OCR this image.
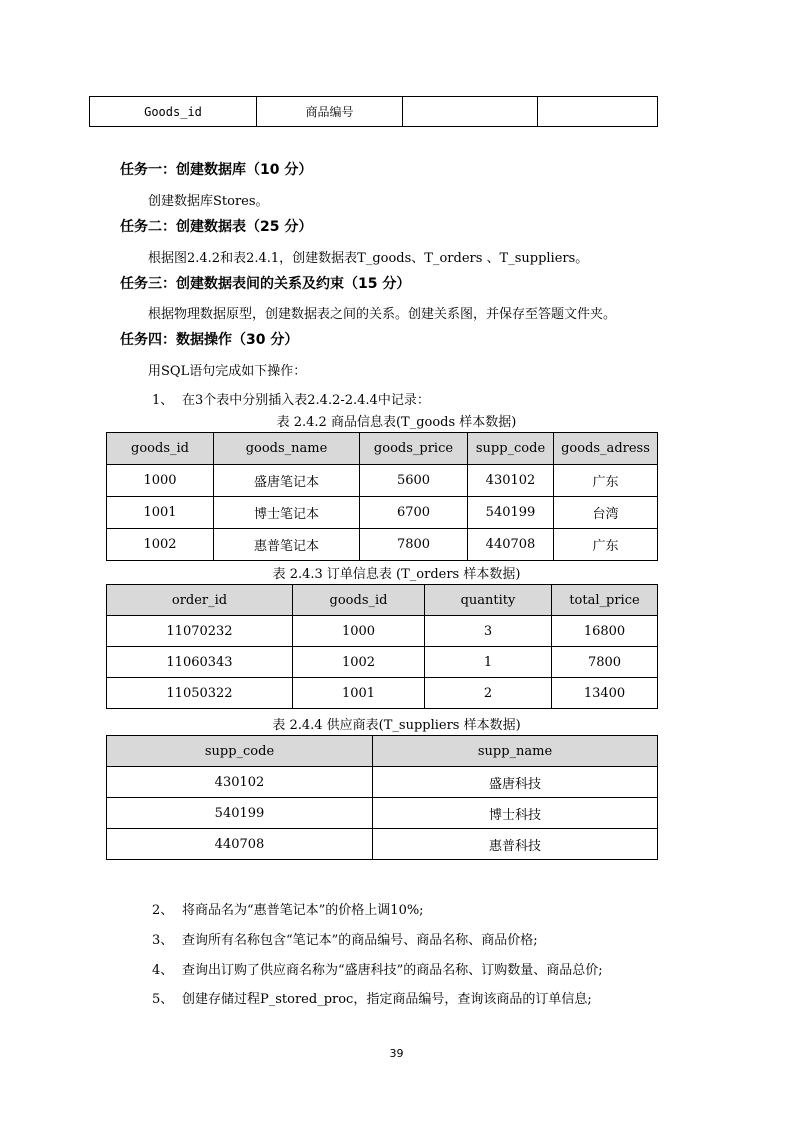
Goods_id	商品编号		
任务一：创建数据库（10 分）
创建数据库Stores。
任务二：创建数据表（25 分）
根据图2.4.2和表2.4.1，创建数据表T_goods、T_orders 、T_suppliers。
任务三：创建数据表间的关系及约束（15 分）
根据物理数据原型，创建数据表之间的关系。创建关系图，并保存至答题文件夹。
任务四：数据操作（30 分）
用SQL语句完成如下操作：
1、 在3个表中分别插入表2.4.2-2.4.4中记录：
表 2.4.2 商品信息表(T_goods 样本数据)
goods_id	goods_name	goods_price	supp_code	goods_adress
1000	盛唐笔记本	5600	430102	广东
1001	博士笔记本	6700	540199	台湾
1002	惠普笔记本	7800	440708	广东
表 2.4.3 订单信息表 (T_orders 样本数据)
order_id	goods_id	quantity	total_price
11070232	1000	3	16800
11060343	1002	1	7800
11050322	1001	2	13400
表 2.4.4 供应商表(T_suppliers 样本数据)
supp_code	supp_name
430102	盛唐科技
540199	博士科技
440708	惠普科技
2、 将商品名为“惠普笔记本”的价格上调10%;
3、 查询所有名称包含“笔记本”的商品编号、商品名称、商品价格;
4、 查询出订购了供应商名称为“盛唐科技”的商品名称、订购数量、商品总价;
5、 创建存储过程P_stored_proc，指定商品编号，查询该商品的订单信息;
39
